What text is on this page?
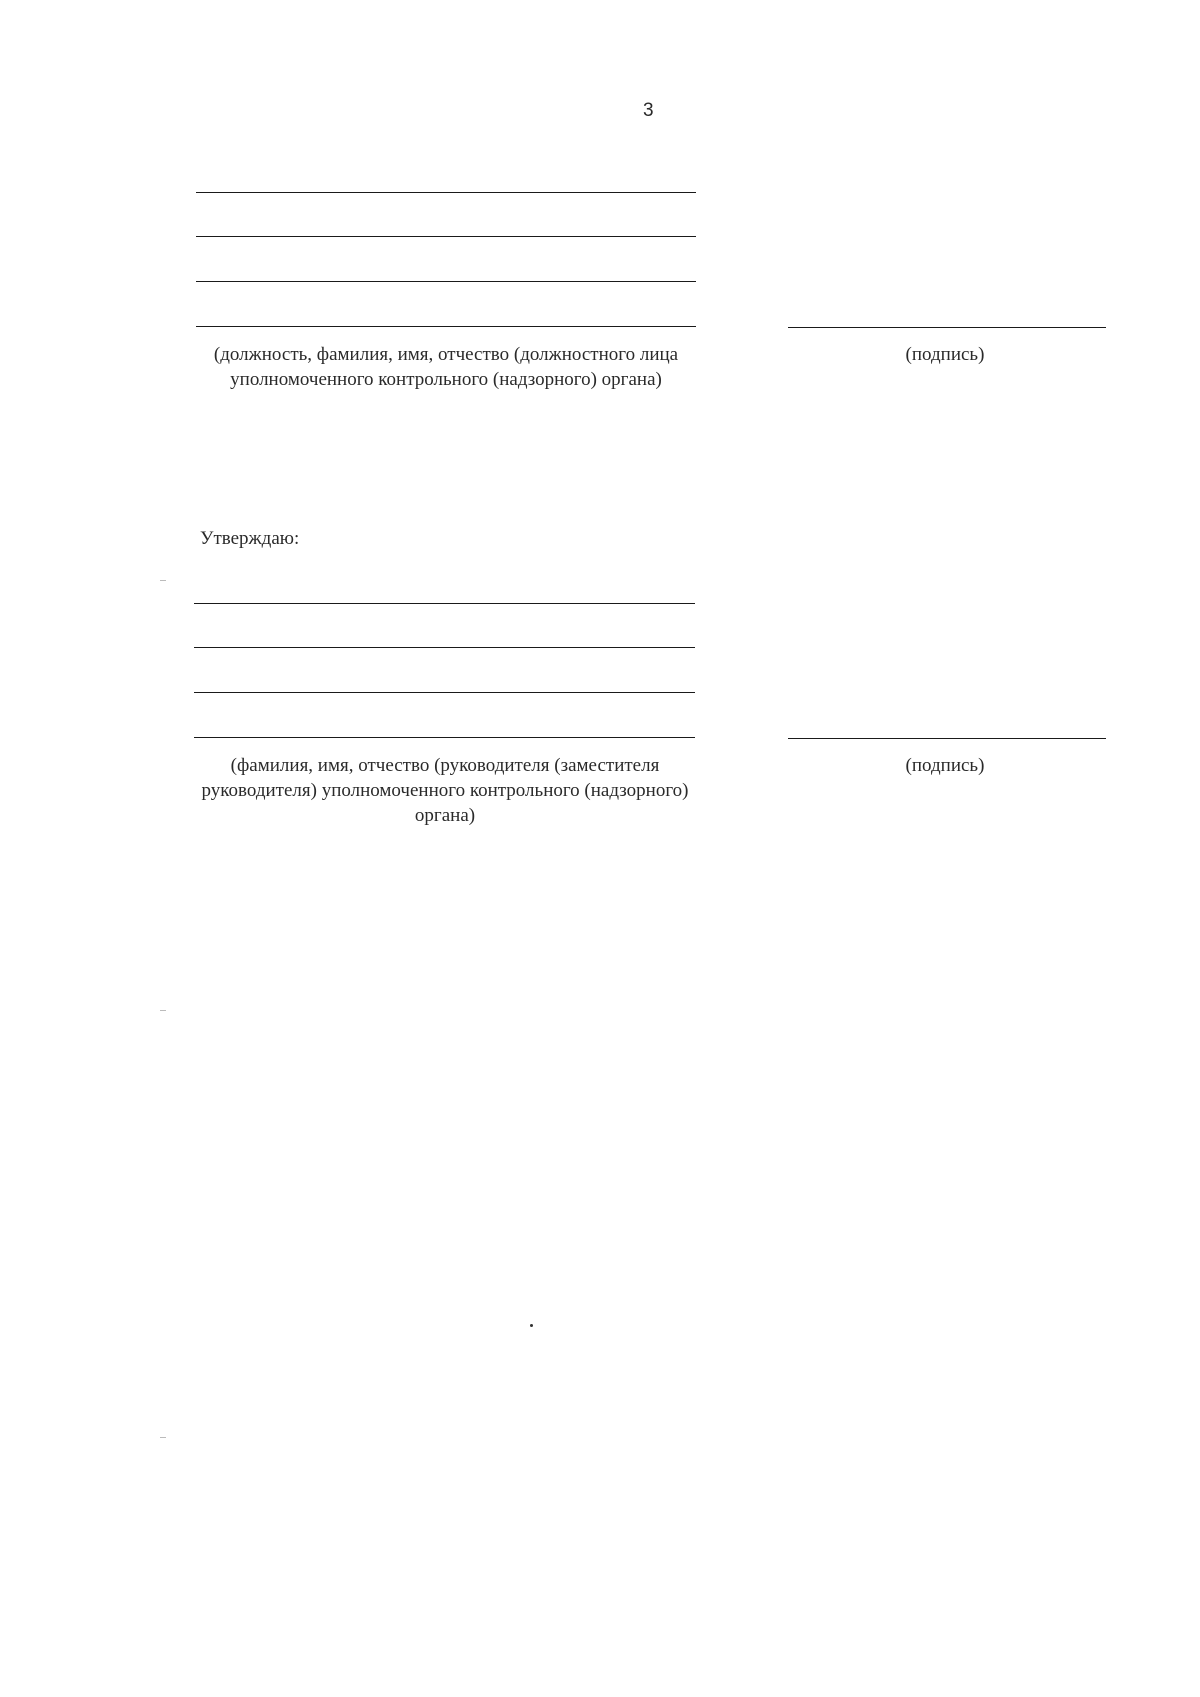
3
(должность, фамилия, имя, отчество (должностного лица уполномоченного контрольного (надзорного) органа)
(подпись)
Утверждаю:
(фамилия, имя, отчество (руководителя (заместителя руководителя) уполномоченного контрольного (надзорного) органа)
(подпись)
